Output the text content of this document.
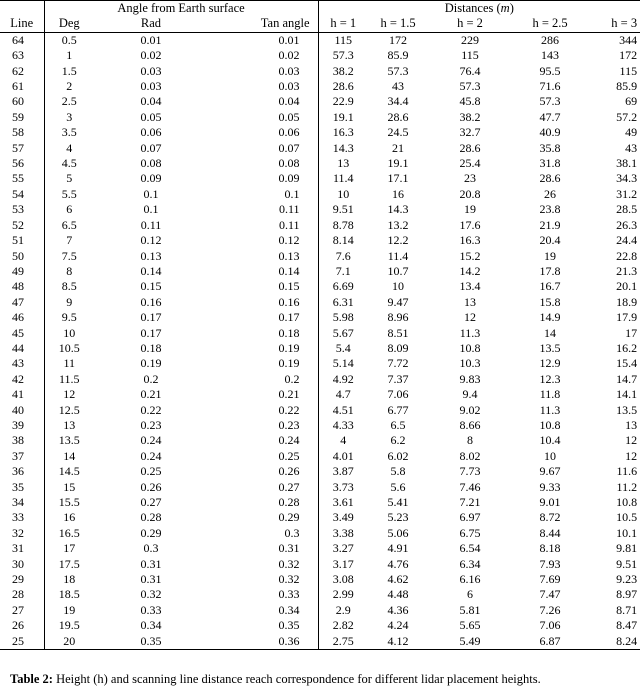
	Angle from Earth surface			Distances (m)				
Line	Deg	Rad	Tan angle	h = 1	h = 1.5	h = 2	h = 2.5	h = 3
64	0.5	0.01	0.01	115	172	229	286	344
63	1	0.02	0.02	57.3	85.9	115	143	172
62	1.5	0.03	0.03	38.2	57.3	76.4	95.5	115
61	2	0.03	0.03	28.6	43	57.3	71.6	85.9
60	2.5	0.04	0.04	22.9	34.4	45.8	57.3	69
59	3	0.05	0.05	19.1	28.6	38.2	47.7	57.2
58	3.5	0.06	0.06	16.3	24.5	32.7	40.9	49
57	4	0.07	0.07	14.3	21	28.6	35.8	43
56	4.5	0.08	0.08	13	19.1	25.4	31.8	38.1
55	5	0.09	0.09	11.4	17.1	23	28.6	34.3
54	5.5	0.1	0.1	10	16	20.8	26	31.2
53	6	0.1	0.11	9.51	14.3	19	23.8	28.5
52	6.5	0.11	0.11	8.78	13.2	17.6	21.9	26.3
51	7	0.12	0.12	8.14	12.2	16.3	20.4	24.4
50	7.5	0.13	0.13	7.6	11.4	15.2	19	22.8
49	8	0.14	0.14	7.1	10.7	14.2	17.8	21.3
48	8.5	0.15	0.15	6.69	10	13.4	16.7	20.1
47	9	0.16	0.16	6.31	9.47	13	15.8	18.9
46	9.5	0.17	0.17	5.98	8.96	12	14.9	17.9
45	10	0.17	0.18	5.67	8.51	11.3	14	17
44	10.5	0.18	0.19	5.4	8.09	10.8	13.5	16.2
43	11	0.19	0.19	5.14	7.72	10.3	12.9	15.4
42	11.5	0.2	0.2	4.92	7.37	9.83	12.3	14.7
41	12	0.21	0.21	4.7	7.06	9.4	11.8	14.1
40	12.5	0.22	0.22	4.51	6.77	9.02	11.3	13.5
39	13	0.23	0.23	4.33	6.5	8.66	10.8	13
38	13.5	0.24	0.24	4	6.2	8	10.4	12
37	14	0.24	0.25	4.01	6.02	8.02	10	12
36	14.5	0.25	0.26	3.87	5.8	7.73	9.67	11.6
35	15	0.26	0.27	3.73	5.6	7.46	9.33	11.2
34	15.5	0.27	0.28	3.61	5.41	7.21	9.01	10.8
33	16	0.28	0.29	3.49	5.23	6.97	8.72	10.5
32	16.5	0.29	0.3	3.38	5.06	6.75	8.44	10.1
31	17	0.3	0.31	3.27	4.91	6.54	8.18	9.81
30	17.5	0.31	0.32	3.17	4.76	6.34	7.93	9.51
29	18	0.31	0.32	3.08	4.62	6.16	7.69	9.23
28	18.5	0.32	0.33	2.99	4.48	6	7.47	8.97
27	19	0.33	0.34	2.9	4.36	5.81	7.26	8.71
26	19.5	0.34	0.35	2.82	4.24	5.65	7.06	8.47
25	20	0.35	0.36	2.75	4.12	5.49	6.87	8.24
Table 2: Height (h) and scanning line distance reach correspondence for different lidar placement heights.
